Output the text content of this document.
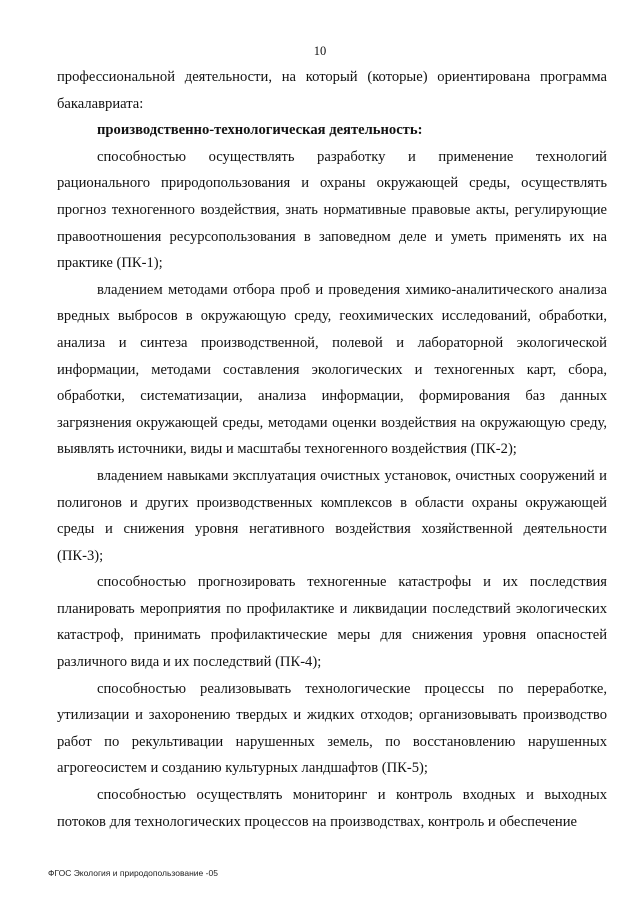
10

профессиональной деятельности, на который (которые) ориентирована программа бакалавриата:

производственно-технологическая деятельность:

способностью осуществлять разработку и применение технологий рационального природопользования и охраны окружающей среды, осуществлять прогноз техногенного воздействия, знать нормативные правовые акты, регулирующие правоотношения ресурсопользования в заповедном деле и уметь применять их на практике (ПК-1);

владением методами отбора проб и проведения химико-аналитического анализа вредных выбросов в окружающую среду, геохимических исследований, обработки, анализа и синтеза производственной, полевой и лабораторной экологической информации, методами составления экологических и техногенных карт, сбора, обработки, систематизации, анализа информации, формирования баз данных загрязнения окружающей среды, методами оценки воздействия на окружающую среду, выявлять источники, виды и масштабы техногенного воздействия (ПК-2);

владением навыками эксплуатация очистных установок, очистных сооружений и полигонов и других производственных комплексов в области охраны окружающей среды и снижения уровня негативного воздействия хозяйственной деятельности (ПК-3);

способностью прогнозировать техногенные катастрофы и их последствия планировать мероприятия по профилактике и ликвидации последствий экологических катастроф, принимать профилактические меры для снижения уровня опасностей различного вида и их последствий (ПК-4);

способностью реализовывать технологические процессы по переработке, утилизации и захоронению твердых и жидких отходов; организовывать производство работ по рекультивации нарушенных земель, по восстановлению нарушенных агрогеосистем и созданию культурных ландшафтов (ПК-5);

способностью осуществлять мониторинг и контроль входных и выходных потоков для технологических процессов на производствах, контроль и обеспечение

ФГОС Экология и природопользование -05
